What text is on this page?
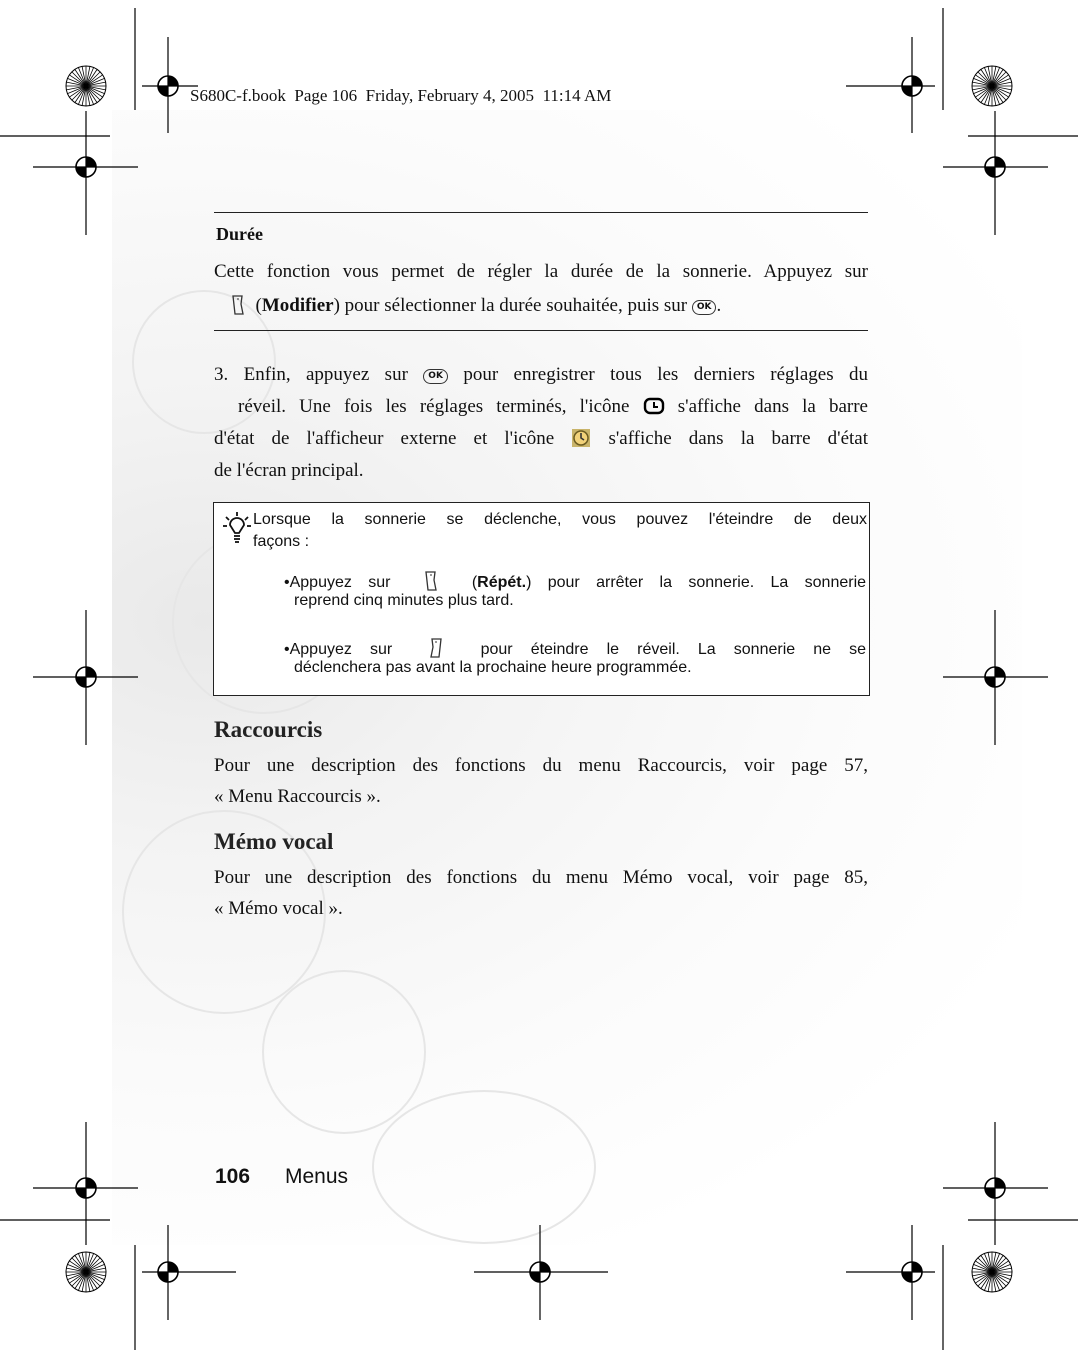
S680C-f.book  Page 106  Friday, February 4, 2005  11:14 AM
Durée
Cette fonction vous permet de régler la durée de la sonnerie. Appuyez sur
(Modifier) pour sélectionner la durée souhaitée, puis sur OK .
3. Enfin, appuyez sur OK pour enregistrer tous les derniers réglages du
réveil. Une fois les réglages terminés, l'icône	s'affiche dans la barre
d'état de l'afficheur externe et l'icône	s'affiche dans la barre d'état
de l'écran principal.
Lorsque la sonnerie se déclenche, vous pouvez l'éteindre de deux
façons :
•Appuyez sur	(Répét.) pour arrêter la sonnerie. La sonnerie
reprend cinq minutes plus tard.
•Appuyez sur	pour éteindre le réveil. La sonnerie ne se
déclenchera pas avant la prochaine heure programmée.
Raccourcis
Pour une description des fonctions du menu Raccourcis, voir page 57,
« Menu Raccourcis ».
Mémo vocal
Pour une description des fonctions du menu Mémo vocal, voir page 85,
« Mémo vocal ».
106 Menus
